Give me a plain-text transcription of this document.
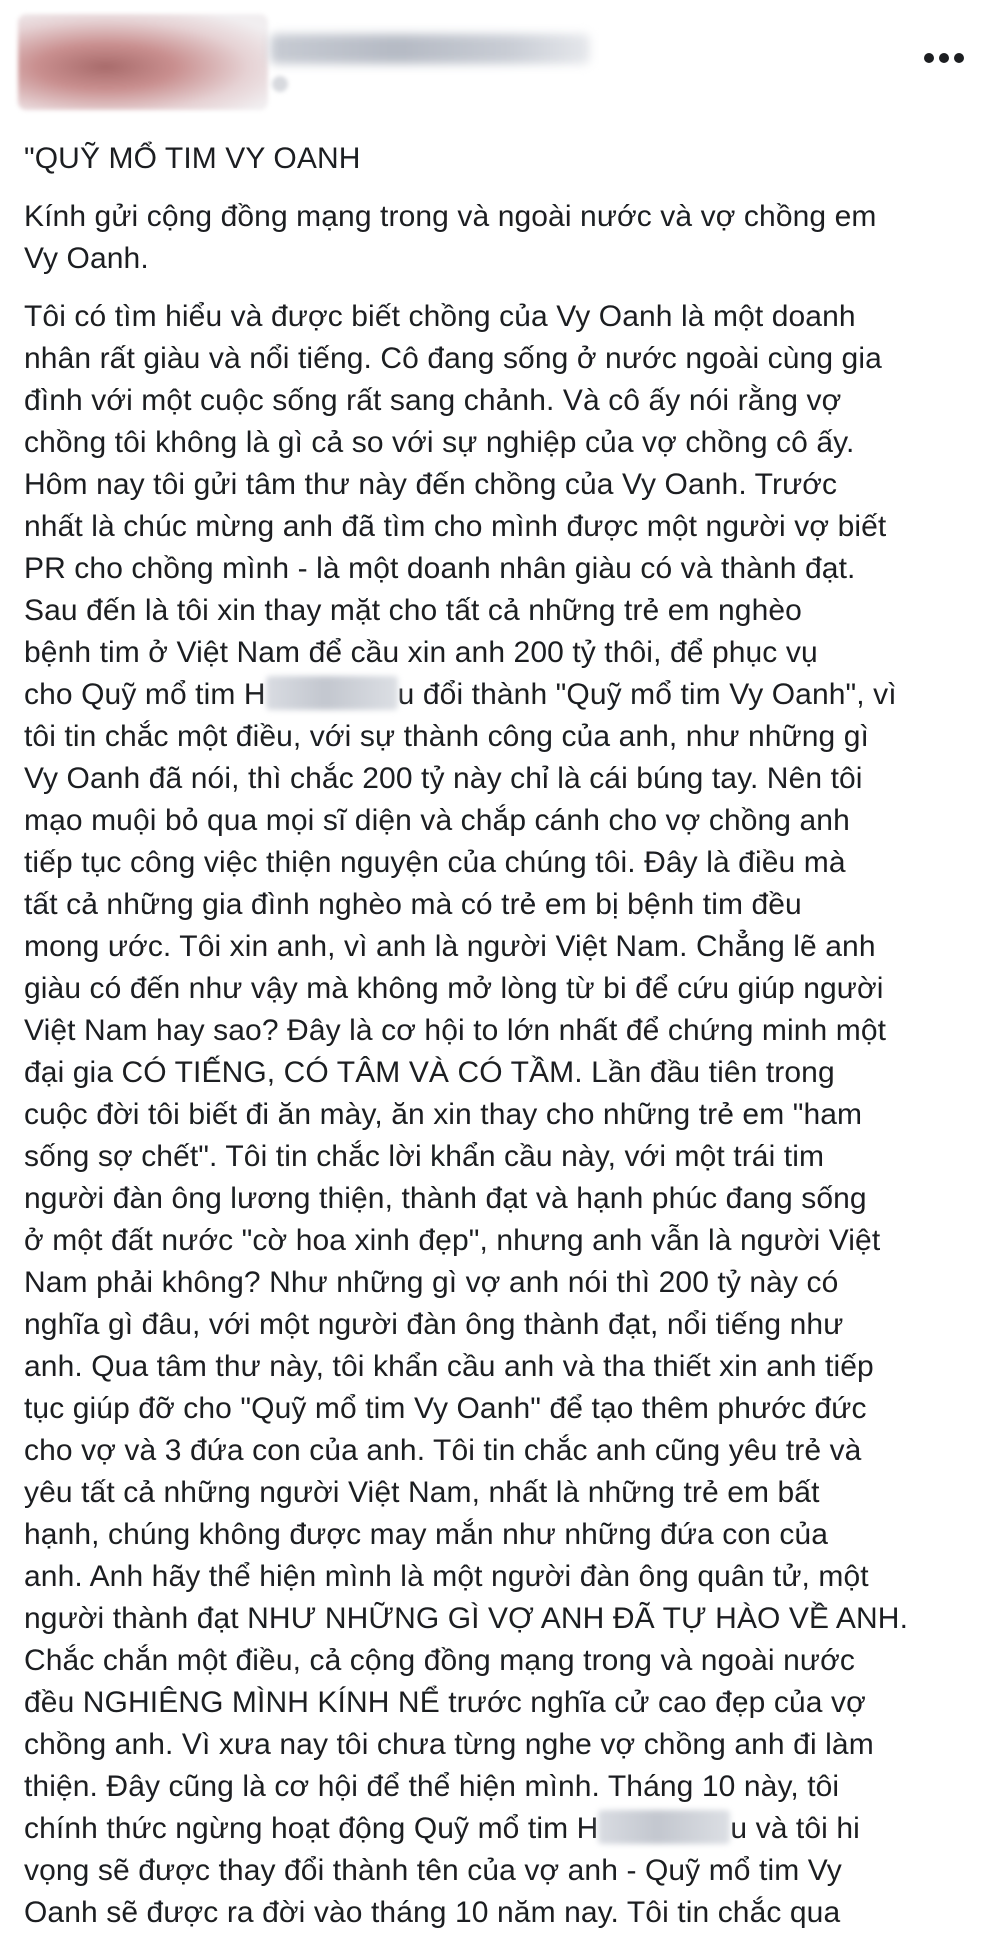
"QUỸ MỔ TIM VY OANH
Kính gửi cộng đồng mạng trong và ngoài nước và vợ chồng em
Vy Oanh.
Tôi có tìm hiểu và được biết chồng của Vy Oanh là một doanh
nhân rất giàu và nổi tiếng. Cô đang sống ở nước ngoài cùng gia
đình với một cuộc sống rất sang chảnh. Và cô ấy nói rằng vợ
chồng tôi không là gì cả so với sự nghiệp của vợ chồng cô ấy.
Hôm nay tôi gửi tâm thư này đến chồng của Vy Oanh. Trước
nhất là chúc mừng anh đã tìm cho mình được một người vợ biết
PR cho chồng mình - là một doanh nhân giàu có và thành đạt.
Sau đến là tôi xin thay mặt cho tất cả những trẻ em nghèo
bệnh tim ở Việt Nam để cầu xin anh 200 tỷ thôi, để phục vụ
cho Quỹ mổ tim H	u đổi thành "Quỹ mổ tim Vy Oanh", vì
tôi tin chắc một điều, với sự thành công của anh, như những gì
Vy Oanh đã nói, thì chắc 200 tỷ này chỉ là cái búng tay. Nên tôi
mạo muội bỏ qua mọi sĩ diện và chắp cánh cho vợ chồng anh
tiếp tục công việc thiện nguyện của chúng tôi. Đây là điều mà
tất cả những gia đình nghèo mà có trẻ em bị bệnh tim đều
mong ước. Tôi xin anh, vì anh là người Việt Nam. Chẳng lẽ anh
giàu có đến như vậy mà không mở lòng từ bi để cứu giúp người
Việt Nam hay sao? Đây là cơ hội to lớn nhất để chứng minh một
đại gia CÓ TIẾNG, CÓ TÂM VÀ CÓ TẦM. Lần đầu tiên trong
cuộc đời tôi biết đi ăn mày, ăn xin thay cho những trẻ em "ham
sống sợ chết". Tôi tin chắc lời khẩn cầu này, với một trái tim
người đàn ông lương thiện, thành đạt và hạnh phúc đang sống
ở một đất nước "cờ hoa xinh đẹp", nhưng anh vẫn là người Việt
Nam phải không? Như những gì vợ anh nói thì 200 tỷ này có
nghĩa gì đâu, với một người đàn ông thành đạt, nổi tiếng như
anh. Qua tâm thư này, tôi khẩn cầu anh và tha thiết xin anh tiếp
tục giúp đỡ cho "Quỹ mổ tim Vy Oanh" để tạo thêm phước đức
cho vợ và 3 đứa con của anh. Tôi tin chắc anh cũng yêu trẻ và
yêu tất cả những người Việt Nam, nhất là những trẻ em bất
hạnh, chúng không được may mắn như những đứa con của
anh. Anh hãy thể hiện mình là một người đàn ông quân tử, một
người thành đạt NHƯ NHỮNG GÌ VỢ ANH ĐÃ TỰ HÀO VỀ ANH.
Chắc chắn một điều, cả cộng đồng mạng trong và ngoài nước
đều NGHIÊNG MÌNH KÍNH NỂ trước nghĩa cử cao đẹp của vợ
chồng anh. Vì xưa nay tôi chưa từng nghe vợ chồng anh đi làm
thiện. Đây cũng là cơ hội để thể hiện mình. Tháng 10 này, tôi
chính thức ngừng hoạt động Quỹ mổ tim H	u và tôi hi
vọng sẽ được thay đổi thành tên của vợ anh - Quỹ mổ tim Vy
Oanh sẽ được ra đời vào tháng 10 năm nay. Tôi tin chắc qua
